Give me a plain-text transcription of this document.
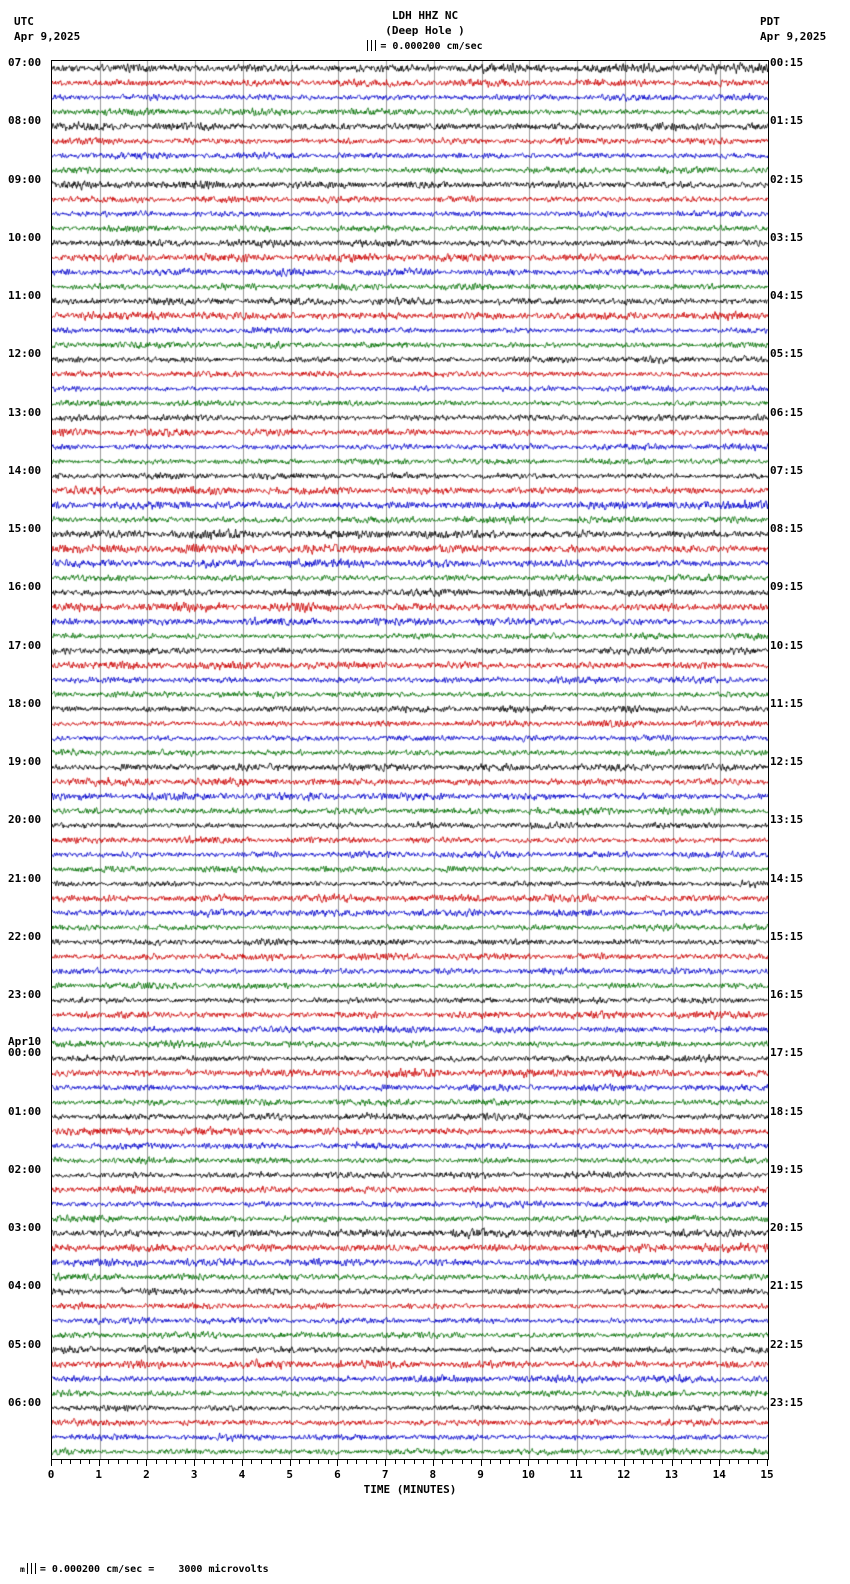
UTC
Apr 9,2025
LDH HHZ NC
(Deep Hole )
PDT
Apr 9,2025
= 0.000200 cm/sec
07:00
08:00
09:00
10:00
11:00
12:00
13:00
14:00
15:00
16:00
17:00
18:00
19:00
20:00
21:00
22:00
23:00
Apr10
00:00
01:00
02:00
03:00
04:00
05:00
06:00
00:15
01:15
02:15
03:15
04:15
05:15
06:15
07:15
08:15
09:15
10:15
11:15
12:15
13:15
14:15
15:15
16:15
17:15
18:15
19:15
20:15
21:15
22:15
23:15
0	1	2	3	4	5	6	7	8	9	10	11	12	13	14	15
TIME (MINUTES)

m = 0.000200 cm/sec =    3000 microvolts
